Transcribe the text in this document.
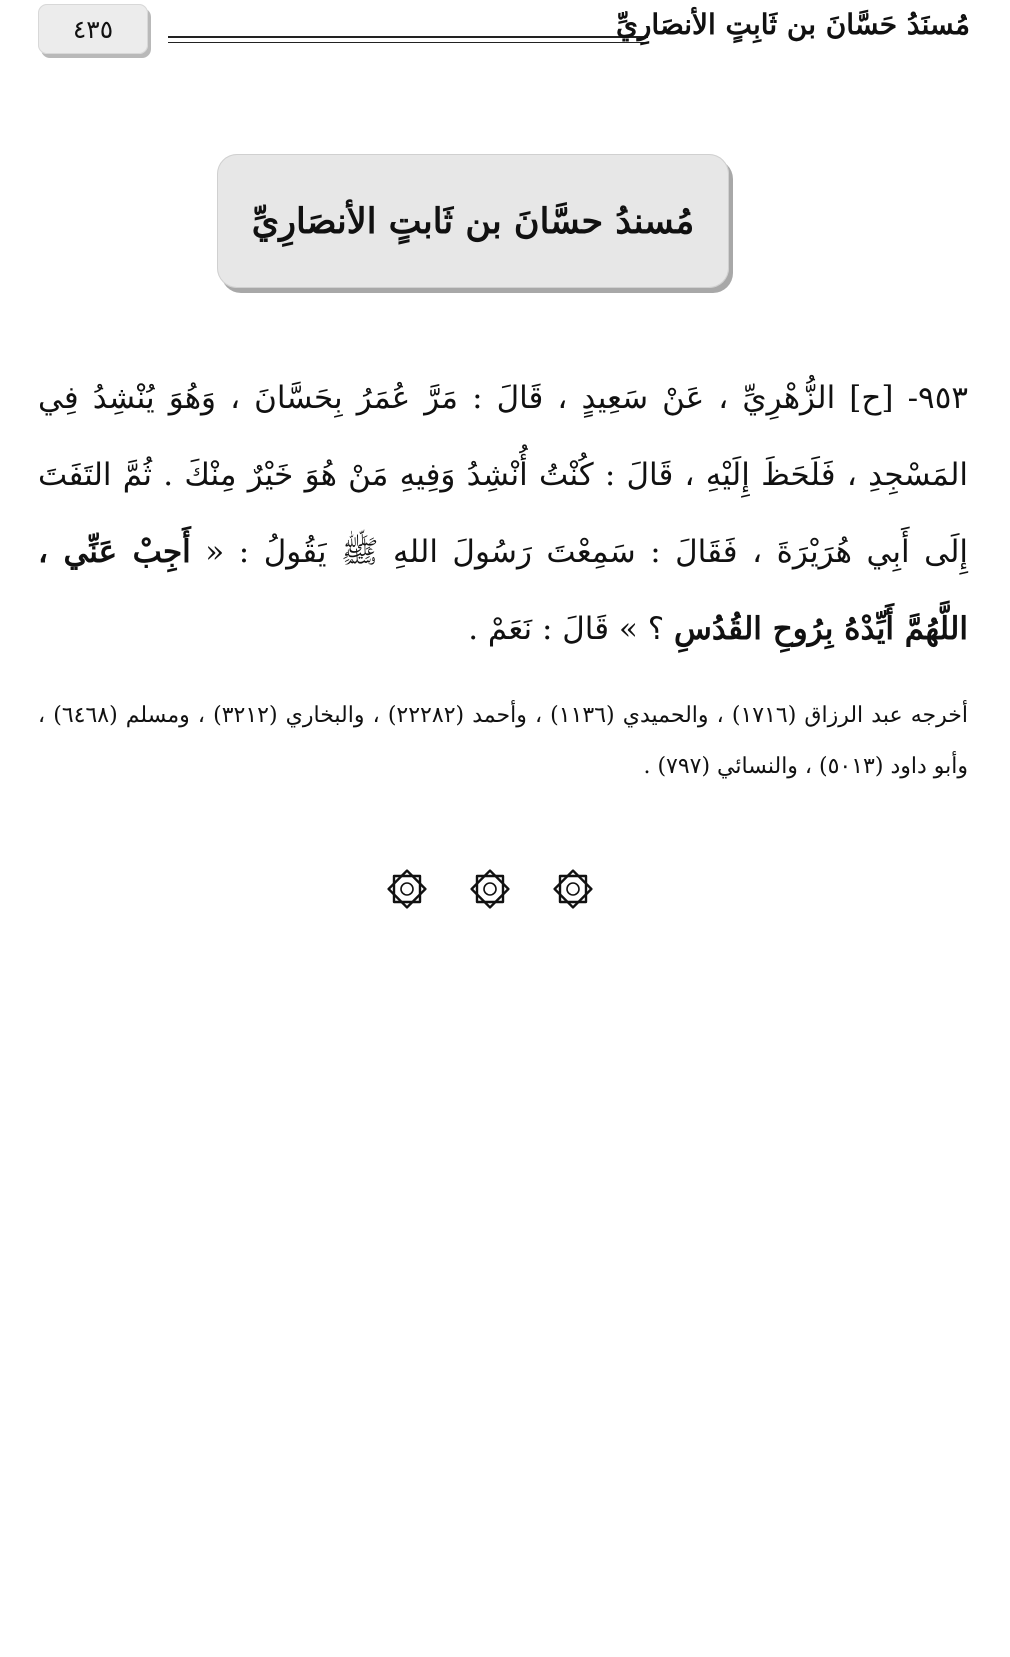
٤٣٥	مُسنَدُ حَسَّانَ بن ثَابِتٍ الأنصَارِيِّ
مُسندُ حسَّانَ بن ثَابتٍ الأنصَارِيِّ
٩٥٣- [ح] الزُّهْرِيِّ ، عَنْ سَعِيدٍ ، قَالَ : مَرَّ عُمَرُ بِحَسَّانَ ، وَهُوَ يُنْشِدُ فِي المَسْجِدِ ، فَلَحَظَ إِلَيْهِ ، قَالَ : كُنْتُ أُنْشِدُ وَفِيهِ مَنْ هُوَ خَيْرٌ مِنْكَ . ثُمَّ التَفَتَ إِلَى أَبِي هُرَيْرَةَ ، فَقَالَ : سَمِعْتَ رَسُولَ اللهِ ﷺ يَقُولُ : « أَجِبْ عَنِّي ، اللَّهُمَّ أَيِّدْهُ بِرُوحِ القُدُسِ ؟ » قَالَ : نَعَمْ .
أخرجه عبد الرزاق (١٧١٦) ، والحميدي (١١٣٦) ، وأحمد (٢٢٢٨٢) ، والبخاري (٣٢١٢) ، ومسلم (٦٤٦٨) ، وأبو داود (٥٠١٣) ، والنسائي (٧٩٧) .
